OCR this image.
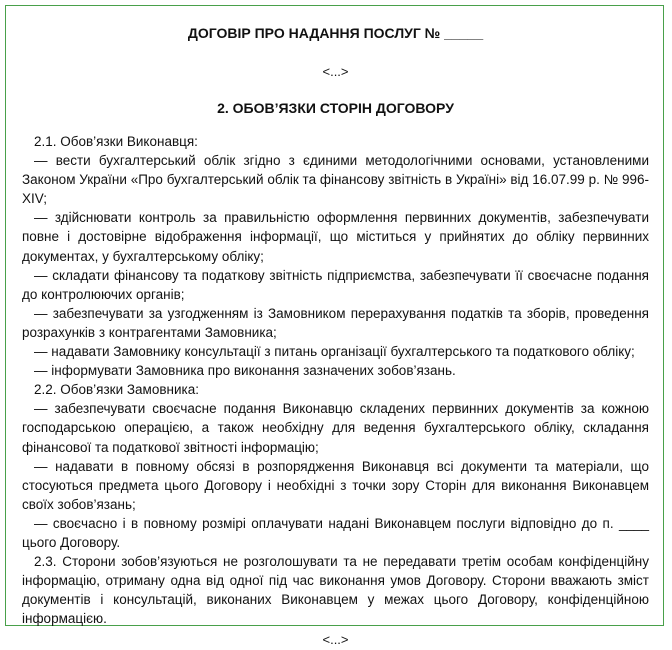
ДОГОВІР ПРО НАДАННЯ ПОСЛУГ № _____
<...>
2. ОБОВ’ЯЗКИ СТОРІН ДОГОВОРУ

2.1. Обов’язки Виконавця:

— вести бухгалтерський облік згідно з єдиними методологічними основами, установленими Законом України «Про бухгалтерський облік та фінансову звітність в Україні» від 16.07.99 р. № 996-XIV;

— здійснювати контроль за правильністю оформлення первинних документів, забезпечувати повне і достовірне відображення інформації, що міститься у прийнятих до обліку первинних документах, у бухгалтерському обліку;

— складати фінансову та податкову звітність підприємства, забезпечувати її своєчасне подання до контролюючих органів;

— забезпечувати за узгодженням із Замовником перерахування податків та зборів, проведення розрахунків з контрагентами Замовника;

— надавати Замовнику консультації з питань організації бухгалтерського та податкового обліку;

— інформувати Замовника про виконання зазначених зобов’язань.

2.2. Обов’язки Замовника:

— забезпечувати своєчасне подання Виконавцю складених первинних документів за кожною господарською операцією, а також необхідну для ведення бухгалтерського обліку, складання фінансової та податкової звітності інформацію;

— надавати в повному обсязі в розпорядження Виконавця всі документи та матеріали, що стосуються предмета цього Договору і необхідні з точки зору Сторін для виконання Виконавцем своїх зобов’язань;

— своєчасно і в повному розмірі оплачувати надані Виконавцем послуги відповідно до п. ____ цього Договору.

2.3. Сторони зобов’язуються не розголошувати та не передавати третім особам конфіденційну інформацію, отриману одна від одної під час виконання умов Договору. Сторони вважають зміст документів і консультацій, виконаних Виконавцем у межах цього Договору, конфіденційною інформацією.

<...>
